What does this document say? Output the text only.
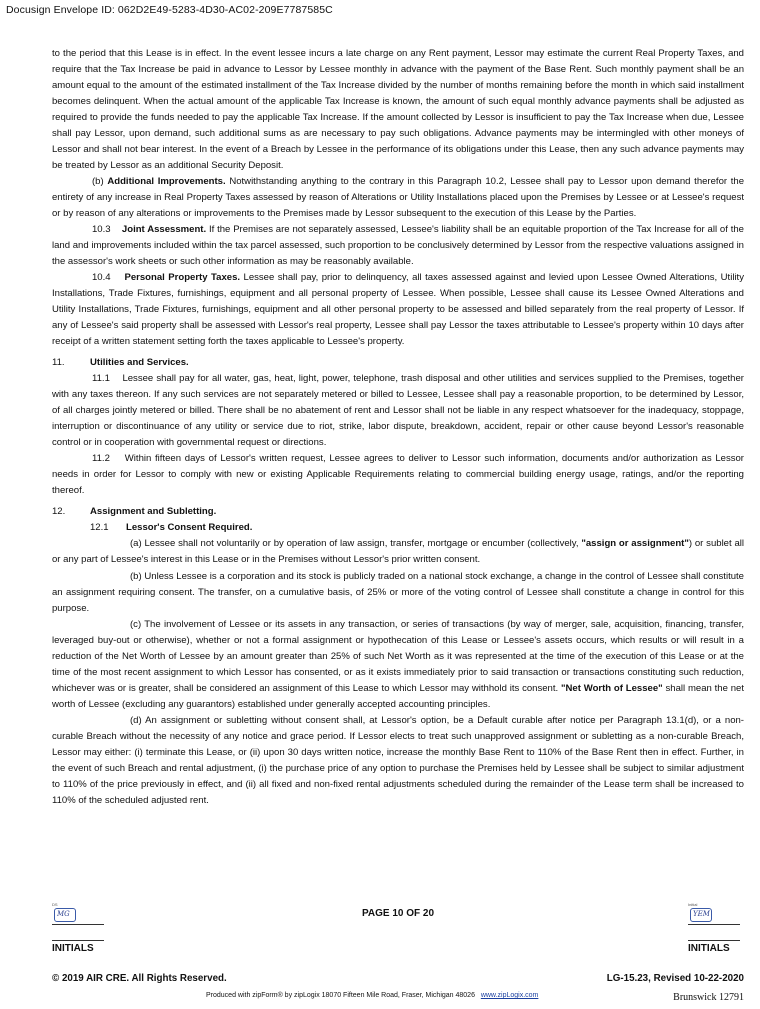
Docusign Envelope ID: 062D2E49-5283-4D30-AC02-209E7787585C

to the period that this Lease is in effect. In the event lessee incurs a late charge on any Rent payment, Lessor may estimate the current Real Property Taxes, and require that the Tax Increase be paid in advance to Lessor by Lessee monthly in advance with the payment of the Base Rent. Such monthly payment shall be an amount equal to the amount of the estimated installment of the Tax Increase divided by the number of months remaining before the month in which said installment becomes delinquent. When the actual amount of the applicable Tax Increase is known, the amount of such equal monthly advance payments shall be adjusted as required to provide the funds needed to pay the applicable Tax Increase. If the amount collected by Lessor is insufficient to pay the Tax Increase when due, Lessee shall pay Lessor, upon demand, such additional sums as are necessary to pay such obligations. Advance payments may be intermingled with other moneys of Lessor and shall not bear interest. In the event of a Breach by Lessee in the performance of its obligations under this Lease, then any such advance payments may be treated by Lessor as an additional Security Deposit.

(b) Additional Improvements. Notwithstanding anything to the contrary in this Paragraph 10.2, Lessee shall pay to Lessor upon demand therefor the entirety of any increase in Real Property Taxes assessed by reason of Alterations or Utility Installations placed upon the Premises by Lessee or at Lessee's request or by reason of any alterations or improvements to the Premises made by Lessor subsequent to the execution of this Lease by the Parties.

10.3 Joint Assessment. If the Premises are not separately assessed, Lessee's liability shall be an equitable proportion of the Tax Increase for all of the land and improvements included within the tax parcel assessed, such proportion to be conclusively determined by Lessor from the respective valuations assigned in the assessor's work sheets or such other information as may be reasonably available.

10.4 Personal Property Taxes. Lessee shall pay, prior to delinquency, all taxes assessed against and levied upon Lessee Owned Alterations, Utility Installations, Trade Fixtures, furnishings, equipment and all personal property of Lessee. When possible, Lessee shall cause its Lessee Owned Alterations and Utility Installations, Trade Fixtures, furnishings, equipment and all other personal property to be assessed and billed separately from the real property of Lessor. If any of Lessee's said property shall be assessed with Lessor's real property, Lessee shall pay Lessor the taxes attributable to Lessee's property within 10 days after receipt of a written statement setting forth the taxes applicable to Lessee's property.

11.	Utilities and Services.

11.1 Lessee shall pay for all water, gas, heat, light, power, telephone, trash disposal and other utilities and services supplied to the Premises, together with any taxes thereon. If any such services are not separately metered or billed to Lessee, Lessee shall pay a reasonable proportion, to be determined by Lessor, of all charges jointly metered or billed. There shall be no abatement of rent and Lessor shall not be liable in any respect whatsoever for the inadequacy, stoppage, interruption or discontinuance of any utility or service due to riot, strike, labor dispute, breakdown, accident, repair or other cause beyond Lessor's reasonable control or in cooperation with governmental request or directions.

11.2 Within fifteen days of Lessor's written request, Lessee agrees to deliver to Lessor such information, documents and/or authorization as Lessor needs in order for Lessor to comply with new or existing Applicable Requirements relating to commercial building energy usage, ratings, and/or the reporting thereof.

12.	Assignment and Subletting.

12.1 Lessor's Consent Required.

(a) Lessee shall not voluntarily or by operation of law assign, transfer, mortgage or encumber (collectively, "assign or assignment") or sublet all or any part of Lessee's interest in this Lease or in the Premises without Lessor's prior written consent.

(b) Unless Lessee is a corporation and its stock is publicly traded on a national stock exchange, a change in the control of Lessee shall constitute an assignment requiring consent. The transfer, on a cumulative basis, of 25% or more of the voting control of Lessee shall constitute a change in control for this purpose.

(c) The involvement of Lessee or its assets in any transaction, or series of transactions (by way of merger, sale, acquisition, financing, transfer, leveraged buy-out or otherwise), whether or not a formal assignment or hypothecation of this Lease or Lessee's assets occurs, which results or will result in a reduction of the Net Worth of Lessee by an amount greater than 25% of such Net Worth as it was represented at the time of the execution of this Lease or at the time of the most recent assignment to which Lessor has consented, or as it exists immediately prior to said transaction or transactions constituting such reduction, whichever was or is greater, shall be considered an assignment of this Lease to which Lessor may withhold its consent. "Net Worth of Lessee" shall mean the net worth of Lessee (excluding any guarantors) established under generally accepted accounting principles.

(d) An assignment or subletting without consent shall, at Lessor's option, be a Default curable after notice per Paragraph 13.1(d), or a non-curable Breach without the necessity of any notice and grace period. If Lessor elects to treat such unapproved assignment or subletting as a non-curable Breach, Lessor may either: (i) terminate this Lease, or (ii) upon 30 days written notice, increase the monthly Base Rent to 110% of the Base Rent then in effect. Further, in the event of such Breach and rental adjustment, (i) the purchase price of any option to purchase the Premises held by Lessee shall be subject to similar adjustment to 110% of the price previously in effect, and (ii) all fixed and non-fixed rental adjustments scheduled during the remainder of the Lease term shall be increased to 110% of the scheduled adjusted rent.

DS
MG	PAGE 10 OF 20
Initial
YEM
INITIALS	INITIALS
© 2019 AIR CRE. All Rights Reserved.	LG-15.23, Revised 10-22-2020
Produced with zipForm® by zipLogix 18070 Fifteen Mile Road, Fraser, Michigan 48026 www.zipLogix.com	Brunswick 12791
